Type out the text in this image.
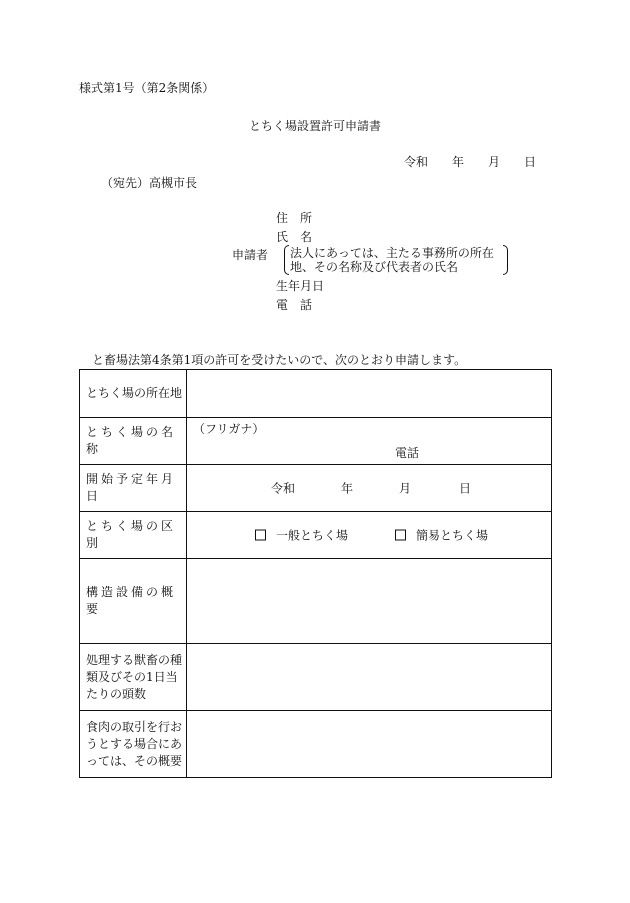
様式第1号（第2条関係）
とちく場設置許可申請書
令和 年 月 日
（宛先）高槻市長
住　所
氏　名
申請者 法人にあっては、主たる事務所の所在
地、その名称及び代表者の氏名
生年月日
電　話
と畜場法第4条第1項の許可を受けたいので、次のとおり申請します。
とちく場の所在地	
とちく場の名称	（フリガナ）
電話

開始予定年月日	令和 年 月 日

とちく場の区別	一般とちく場 簡易とちく場

構造設備の概要	
処理する獣畜の種類及びその1日当たりの頭数	
食肉の取引を行おうとする場合にあっては、その概要	
